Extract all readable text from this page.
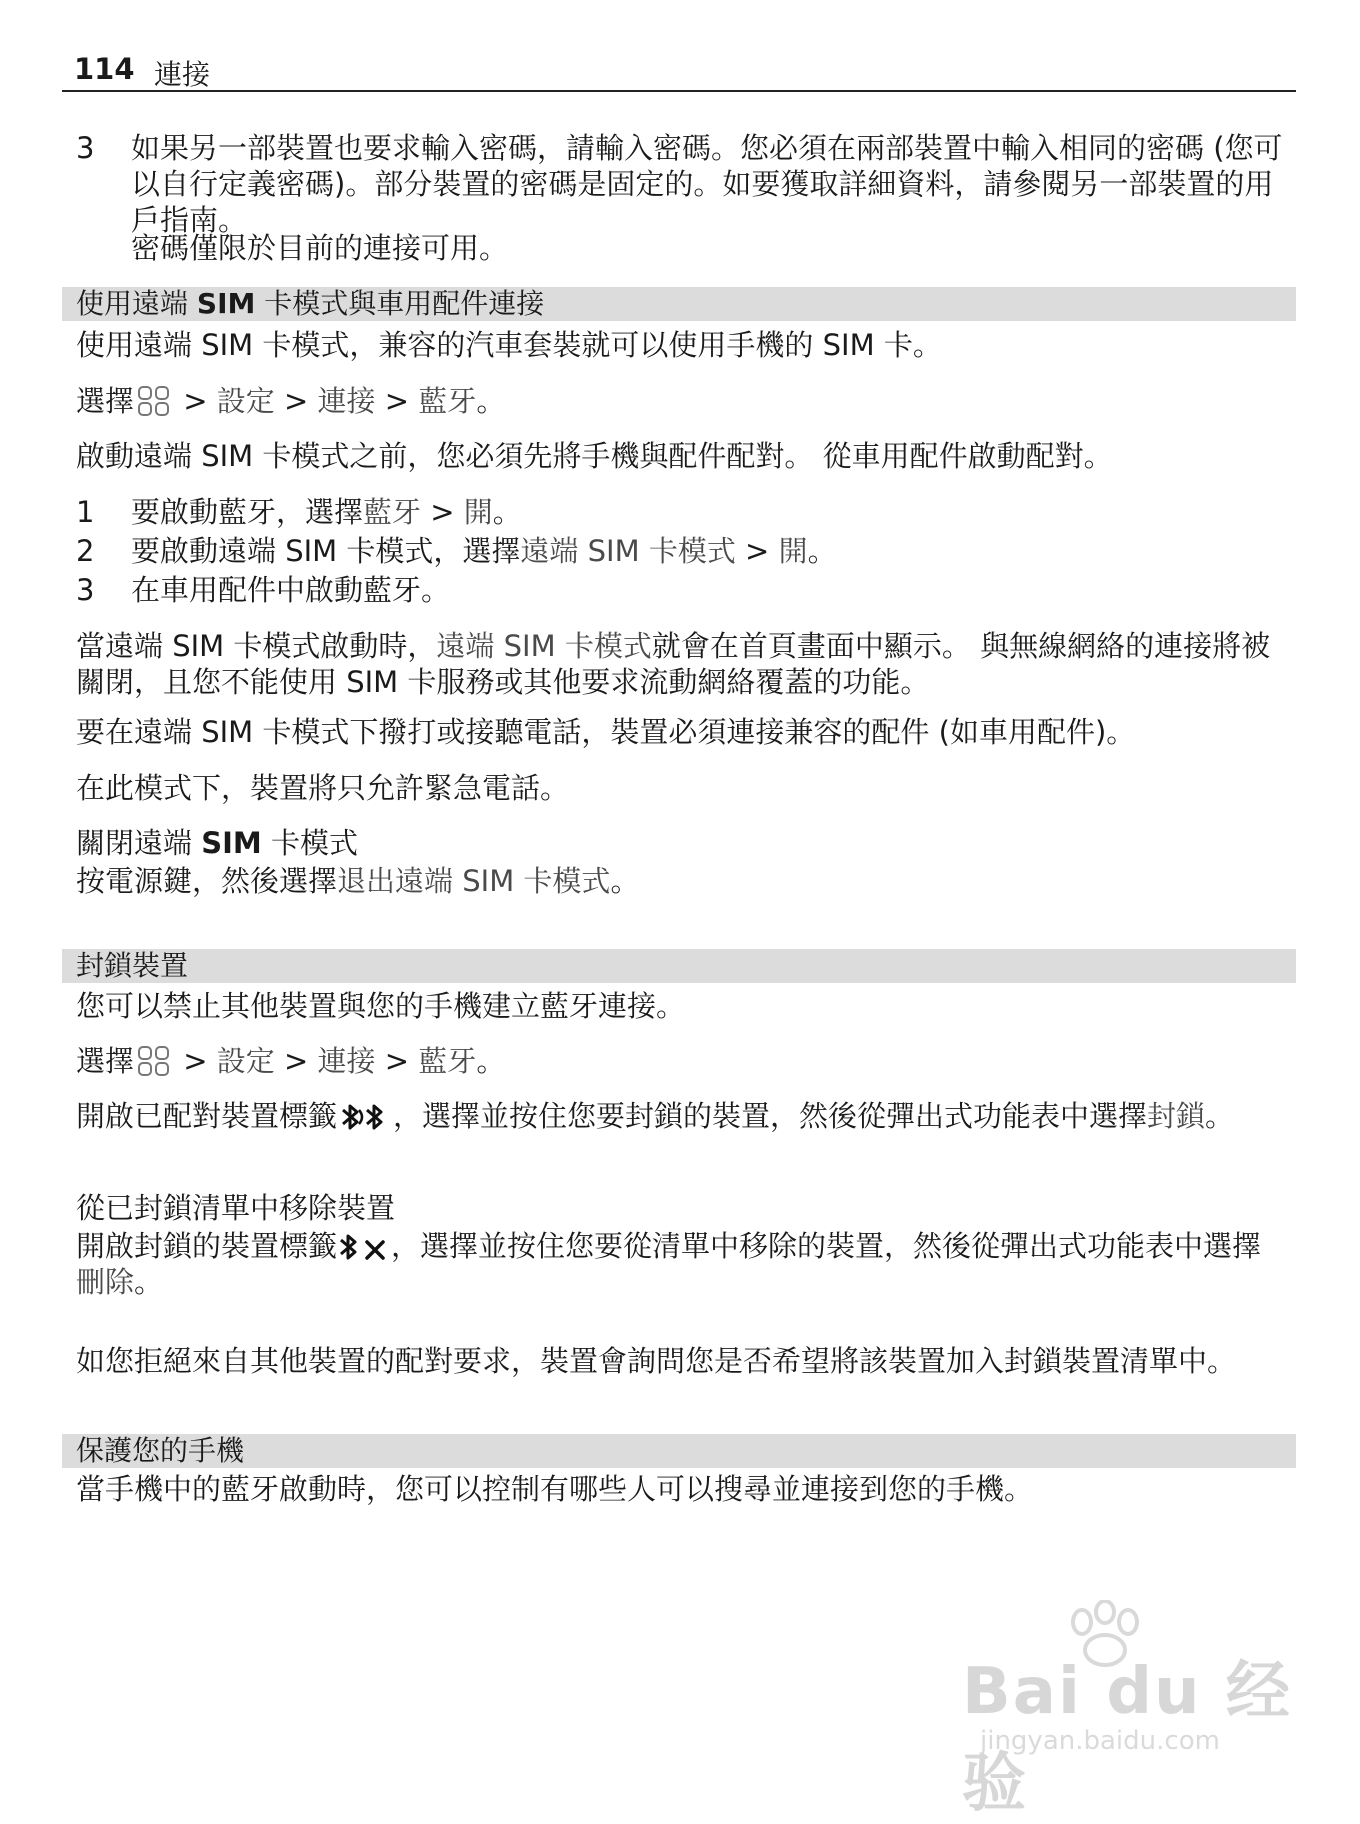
114 連接
3 如果另一部裝置也要求輸入密碼，請輸入密碼。您必須在兩部裝置中輸入相同的密碼 (您可以自行定義密碼)。部分裝置的密碼是固定的。如要獲取詳細資料，請參閱另一部裝置的用戶指南。
密碼僅限於目前的連接可用。
使用遠端 SIM 卡模式與車用配件連接

使用遠端 SIM 卡模式，兼容的汽車套裝就可以使用手機的 SIM 卡。

選擇 > 設定 > 連接 > 藍牙。

啟動遠端 SIM 卡模式之前，您必須先將手機與配件配對。 從車用配件啟動配對。

1 要啟動藍牙，選擇藍牙 > 開。
2 要啟動遠端 SIM 卡模式，選擇遠端 SIM 卡模式 > 開。
3 在車用配件中啟動藍牙。

當遠端 SIM 卡模式啟動時，遠端 SIM 卡模式就會在首頁畫面中顯示。 與無線網絡的連接將被關閉，且您不能使用 SIM 卡服務或其他要求流動網絡覆蓋的功能。

要在遠端 SIM 卡模式下撥打或接聽電話，裝置必須連接兼容的配件 (如車用配件)。

在此模式下，裝置將只允許緊急電話。

關閉遠端 SIM 卡模式

按電源鍵，然後選擇退出遠端 SIM 卡模式。

封鎖裝置

您可以禁止其他裝置與您的手機建立藍牙連接。

選擇 > 設定 > 連接 > 藍牙。

開啟已配對裝置標籤 ，選擇並按住您要封鎖的裝置，然後從彈出式功能表中選擇封鎖。

從已封鎖清單中移除裝置

開啟封鎖的裝置標籤 ，選擇並按住您要從清單中移除的裝置，然後從彈出式功能表中選擇刪除。

如您拒絕來自其他裝置的配對要求，裝置會詢問您是否希望將該裝置加入封鎖裝置清單中。

保護您的手機

當手機中的藍牙啟動時，您可以控制有哪些人可以搜尋並連接到您的手機。

Bai du 经验
jingyan.baidu.com
